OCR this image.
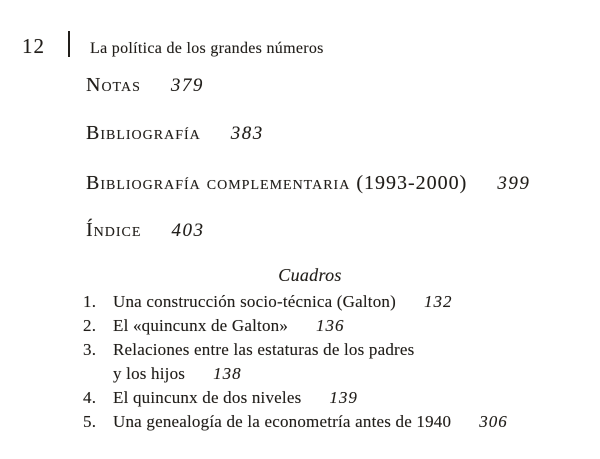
12	La política de los grandes números
Notas 379
Bibliografía 383
Bibliografía complementaria (1993-2000) 399
Índice 403
Cuadros
1. Una construcción socio-técnica (Galton) 132
2. El «quincunx de Galton» 136
3. Relaciones entre las estaturas de los padres
y los hijos 138
4. El quincunx de dos niveles 139
5. Una genealogía de la econometría antes de 1940 306
